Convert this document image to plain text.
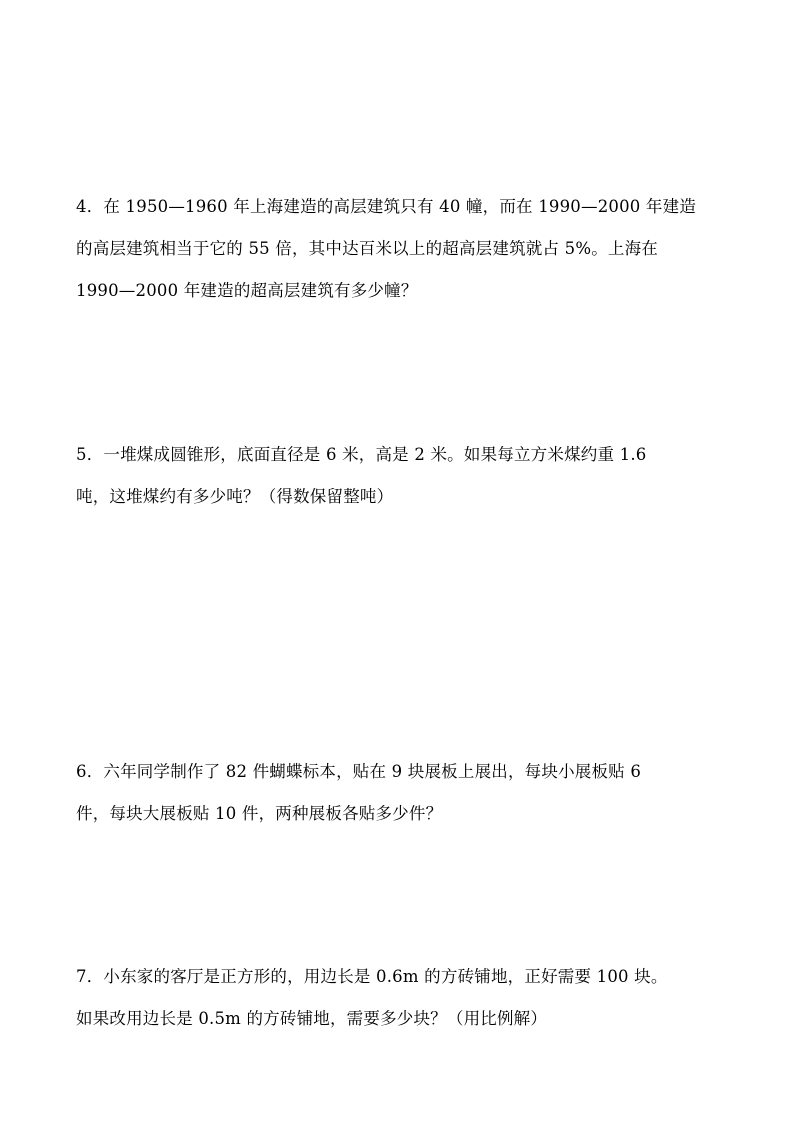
4．在 1950—1960 年上海建造的高层建筑只有 40 幢，而在 1990—2000 年建造
的高层建筑相当于它的 55 倍，其中达百米以上的超高层建筑就占 5%。上海在
1990—2000 年建造的超高层建筑有多少幢？
5．一堆煤成圆锥形，底面直径是 6 米，高是 2 米。如果每立方米煤约重 1.6
吨，这堆煤约有多少吨？（得数保留整吨）
6．六年同学制作了 82 件蝴蝶标本，贴在 9 块展板上展出，每块小展板贴 6
件，每块大展板贴 10 件，两种展板各贴多少件？
7．小东家的客厅是正方形的，用边长是 0.6m 的方砖铺地，正好需要 100 块。
如果改用边长是 0.5m 的方砖铺地，需要多少块？（用比例解）
